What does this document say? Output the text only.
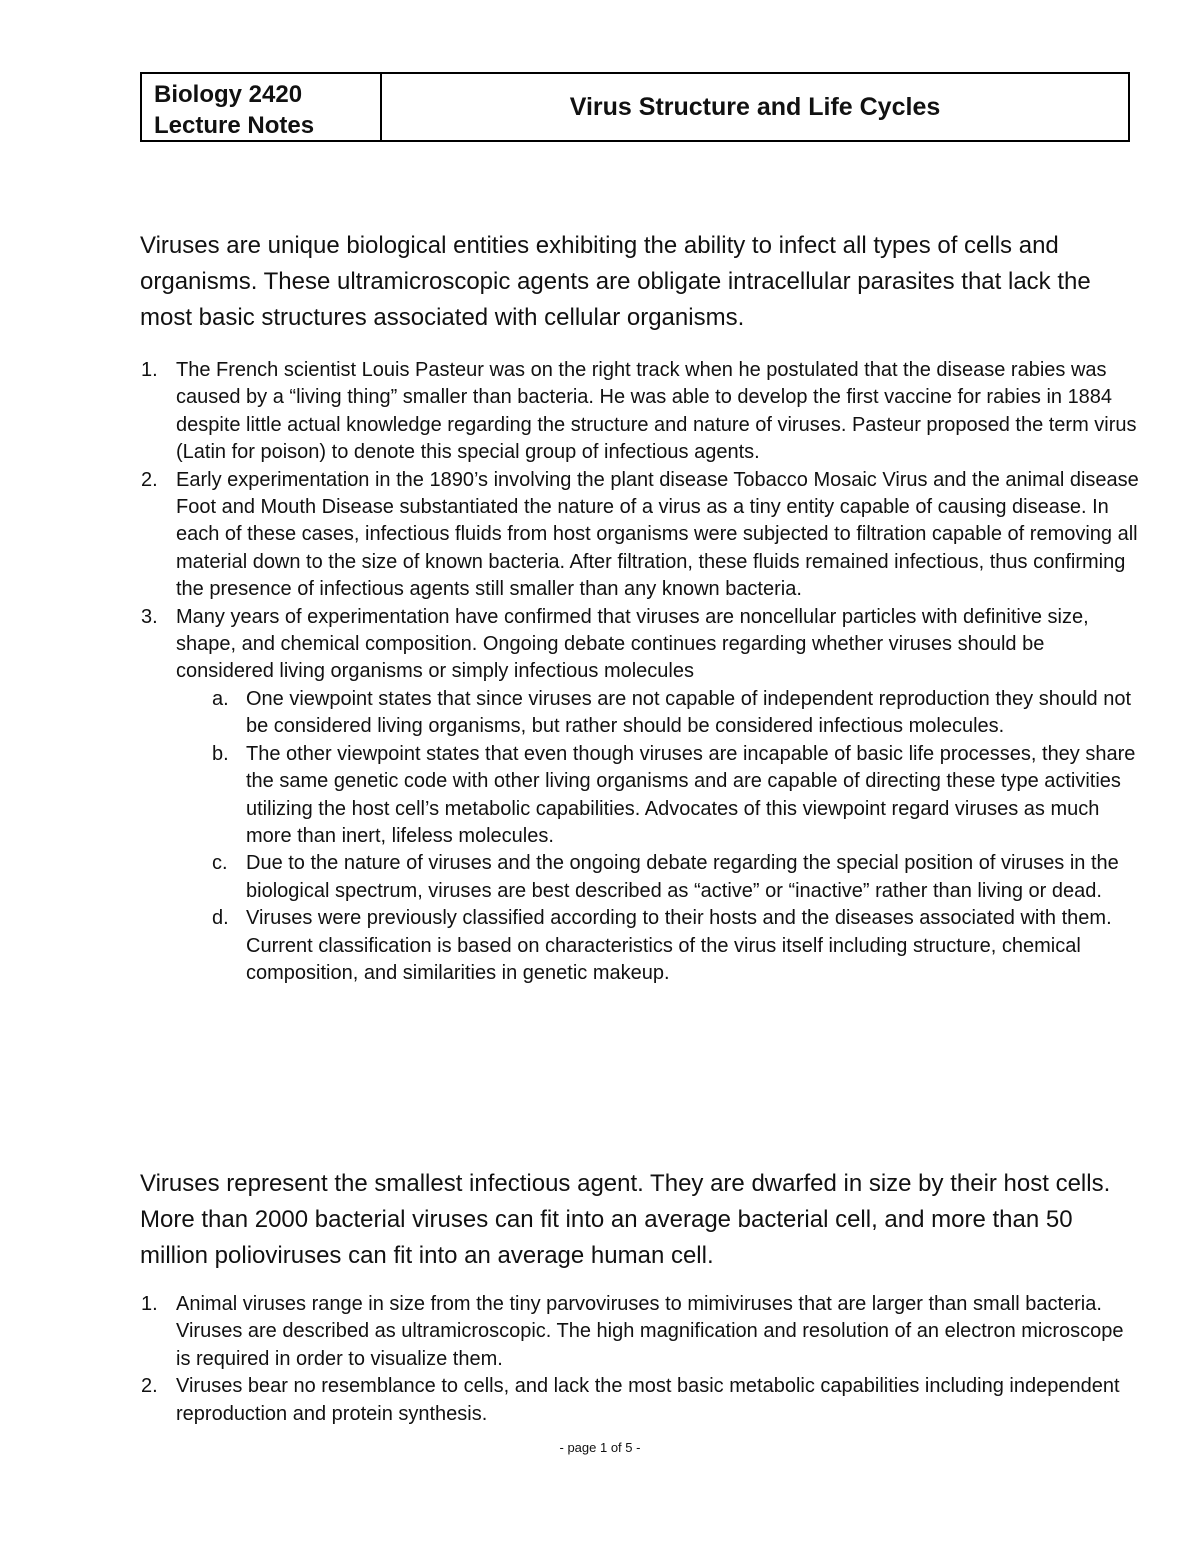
Biology 2420
Lecture Notes
Virus Structure and Life Cycles

Viruses are unique biological entities exhibiting the ability to infect all types of cells and organisms. These ultramicroscopic agents are obligate intracellular parasites that lack the most basic structures associated with cellular organisms.

1. The French scientist Louis Pasteur was on the right track when he postulated that the disease rabies was caused by a “living thing” smaller than bacteria. He was able to develop the first vaccine for rabies in 1884 despite little actual knowledge regarding the structure and nature of viruses. Pasteur proposed the term virus (Latin for poison) to denote this special group of infectious agents.
2. Early experimentation in the 1890’s involving the plant disease Tobacco Mosaic Virus and the animal disease Foot and Mouth Disease substantiated the nature of a virus as a tiny entity capable of causing disease. In each of these cases, infectious fluids from host organisms were subjected to filtration capable of removing all material down to the size of known bacteria. After filtration, these fluids remained infectious, thus confirming the presence of infectious agents still smaller than any known bacteria.
3. Many years of experimentation have confirmed that viruses are noncellular particles with definitive size, shape, and chemical composition. Ongoing debate continues regarding whether viruses should be considered living organisms or simply infectious molecules
a. One viewpoint states that since viruses are not capable of independent reproduction they should not be considered living organisms, but rather should be considered infectious molecules.
b. The other viewpoint states that even though viruses are incapable of basic life processes, they share the same genetic code with other living organisms and are capable of directing these type activities utilizing the host cell’s metabolic capabilities. Advocates of this viewpoint regard viruses as much more than inert, lifeless molecules.
c. Due to the nature of viruses and the ongoing debate regarding the special position of viruses in the biological spectrum, viruses are best described as “active” or “inactive” rather than living or dead.
d. Viruses were previously classified according to their hosts and the diseases associated with them. Current classification is based on characteristics of the virus itself including structure, chemical composition, and similarities in genetic makeup.

Viruses represent the smallest infectious agent. They are dwarfed in size by their host cells. More than 2000 bacterial viruses can fit into an average bacterial cell, and more than 50 million polioviruses can fit into an average human cell.

1. Animal viruses range in size from the tiny parvoviruses to mimiviruses that are larger than small bacteria. Viruses are described as ultramicroscopic. The high magnification and resolution of an electron microscope is required in order to visualize them.
2. Viruses bear no resemblance to cells, and lack the most basic metabolic capabilities including independent reproduction and protein synthesis.
- page 1 of 5 -
